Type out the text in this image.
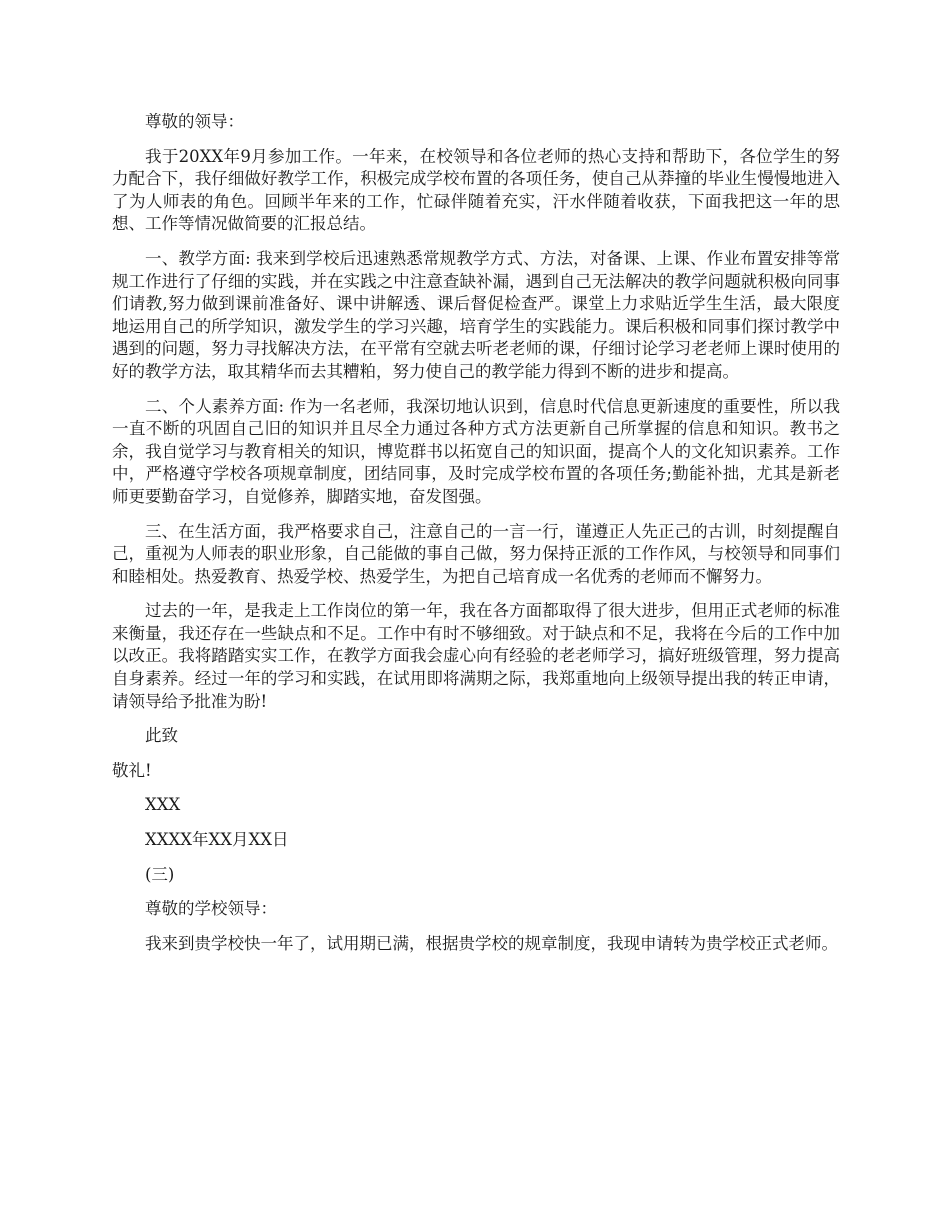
尊敬的领导：

我于20XX年9月参加工作。一年来，在校领导和各位老师的热心支持和帮助下，各位学生的努力配合下，我仔细做好教学工作，积极完成学校布置的各项任务，使自己从莽撞的毕业生慢慢地进入了为人师表的角色。回顾半年来的工作，忙碌伴随着充实，汗水伴随着收获，下面我把这一年的思想、工作等情况做简要的汇报总结。

一、教学方面: 我来到学校后迅速熟悉常规教学方式、方法，对备课、上课、作业布置安排等常规工作进行了仔细的实践，并在实践之中注意查缺补漏，遇到自己无法解决的教学问题就积极向同事们请教,努力做到课前准备好、课中讲解透、课后督促检查严。课堂上力求贴近学生生活，最大限度地运用自己的所学知识，激发学生的学习兴趣，培育学生的实践能力。课后积极和同事们探讨教学中遇到的问题，努力寻找解决方法，在平常有空就去听老老师的课，仔细讨论学习老老师上课时使用的好的教学方法，取其精华而去其糟粕，努力使自己的教学能力得到不断的进步和提高。

二、个人素养方面: 作为一名老师，我深切地认识到，信息时代信息更新速度的重要性，所以我一直不断的巩固自己旧的知识并且尽全力通过各种方式方法更新自己所掌握的信息和知识。教书之余，我自觉学习与教育相关的知识，博览群书以拓宽自己的知识面，提高个人的文化知识素养。工作中，严格遵守学校各项规章制度，团结同事，及时完成学校布置的各项任务;勤能补拙，尤其是新老师更要勤奋学习，自觉修养，脚踏实地，奋发图强。

三、在生活方面，我严格要求自己，注意自己的一言一行，谨遵正人先正己的古训，时刻提醒自己，重视为人师表的职业形象，自己能做的事自己做，努力保持正派的工作作风，与校领导和同事们和睦相处。热爱教育、热爱学校、热爱学生，为把自己培育成一名优秀的老师而不懈努力。

过去的一年，是我走上工作岗位的第一年，我在各方面都取得了很大进步，但用正式老师的标准来衡量，我还存在一些缺点和不足。工作中有时不够细致。对于缺点和不足，我将在今后的工作中加以改正。我将踏踏实实工作，在教学方面我会虚心向有经验的老老师学习，搞好班级管理，努力提高自身素养。经过一年的学习和实践，在试用即将满期之际，我郑重地向上级领导提出我的转正申请，请领导给予批准为盼!

此致

敬礼!

XXX

XXXX年XX月XX日

(三)

尊敬的学校领导：

我来到贵学校快一年了，试用期已满，根据贵学校的规章制度，我现申请转为贵学校正式老师。
